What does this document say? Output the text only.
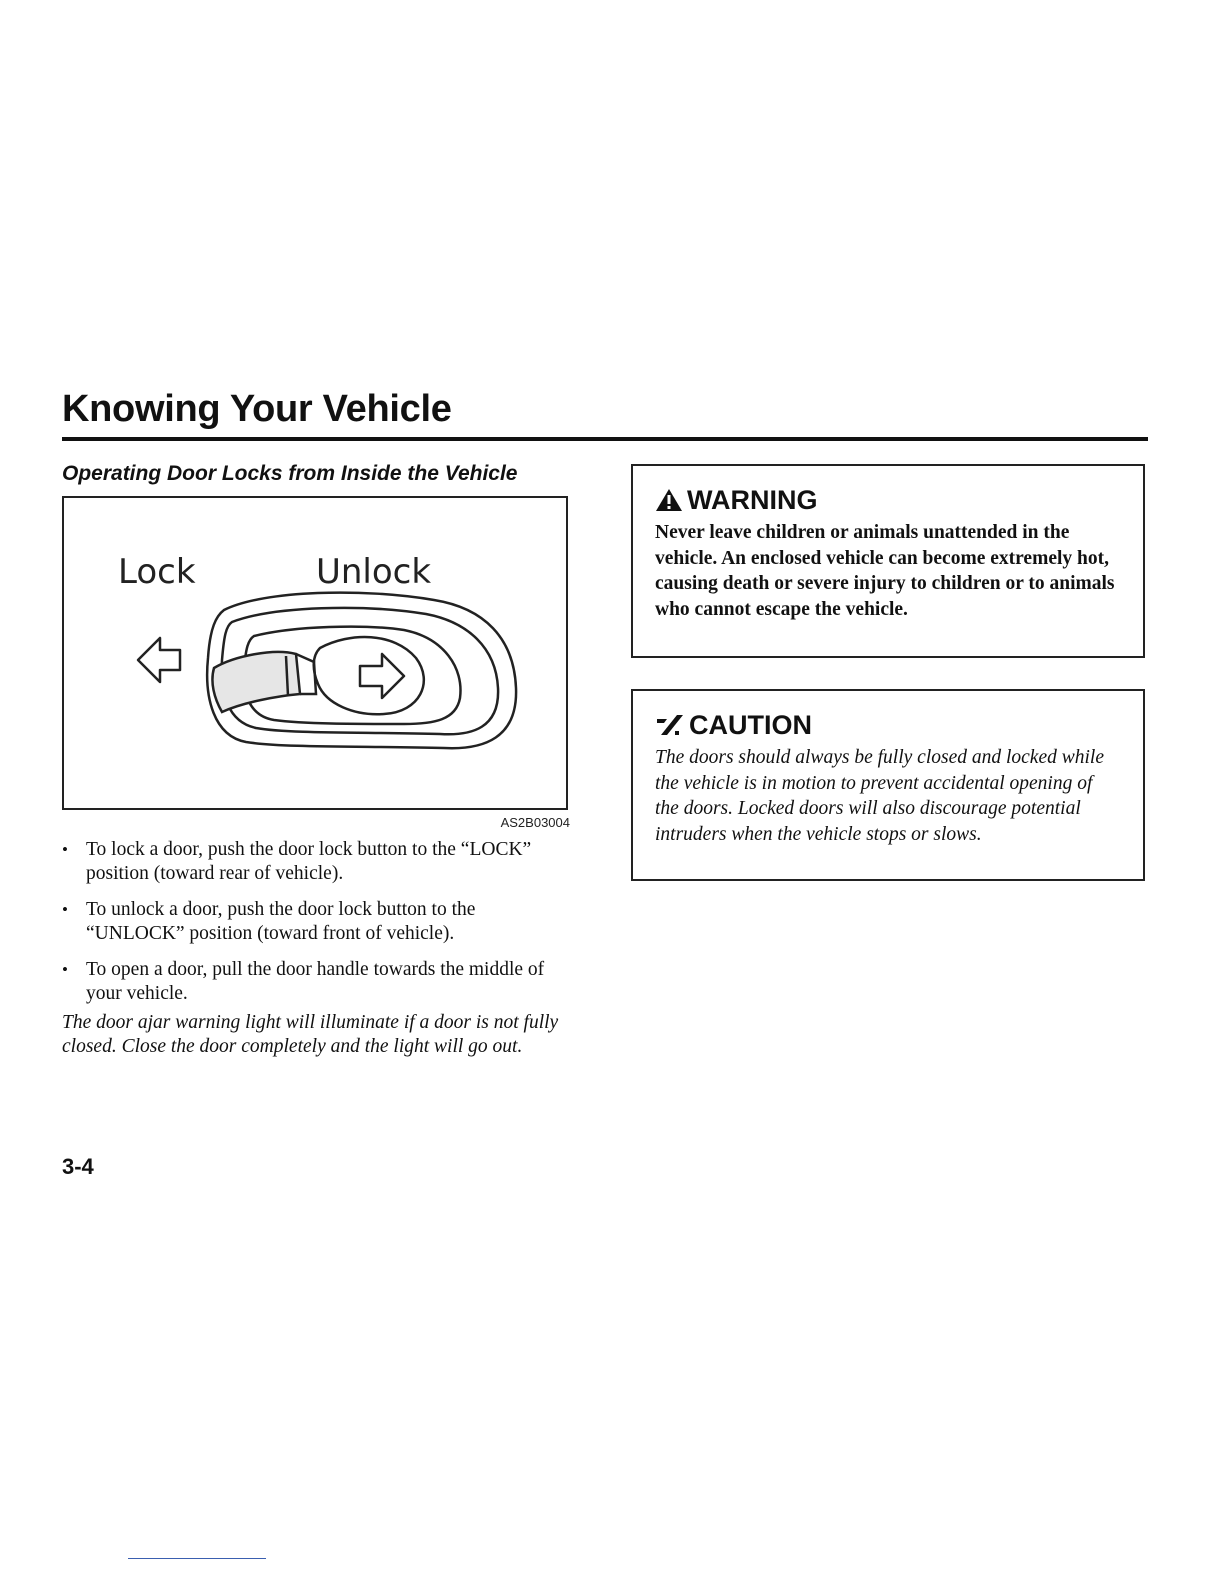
Knowing Your Vehicle
Operating Door Locks from Inside the Vehicle
Lock	Unlock
AS2B03004
• To lock a door, push the door lock button to the “LOCK” position (toward rear of vehicle).
• To unlock a door, push the door lock button to the “UNLOCK” position (toward front of vehicle).
• To open a door, pull the door handle towards the middle of your vehicle.
The door ajar warning light will illuminate if a door is not fully closed. Close the door completely and the light will go out.
3-4
WARNING
Never leave children or animals unattended in the vehicle. An enclosed vehicle can become extremely hot, causing death or severe injury to children or to animals who cannot escape the vehicle.
CAUTION
The doors should always be fully closed and locked while the vehicle is in motion to prevent accidental opening of the doors. Locked doors will also discourage potential intruders when the vehicle stops or slows.
